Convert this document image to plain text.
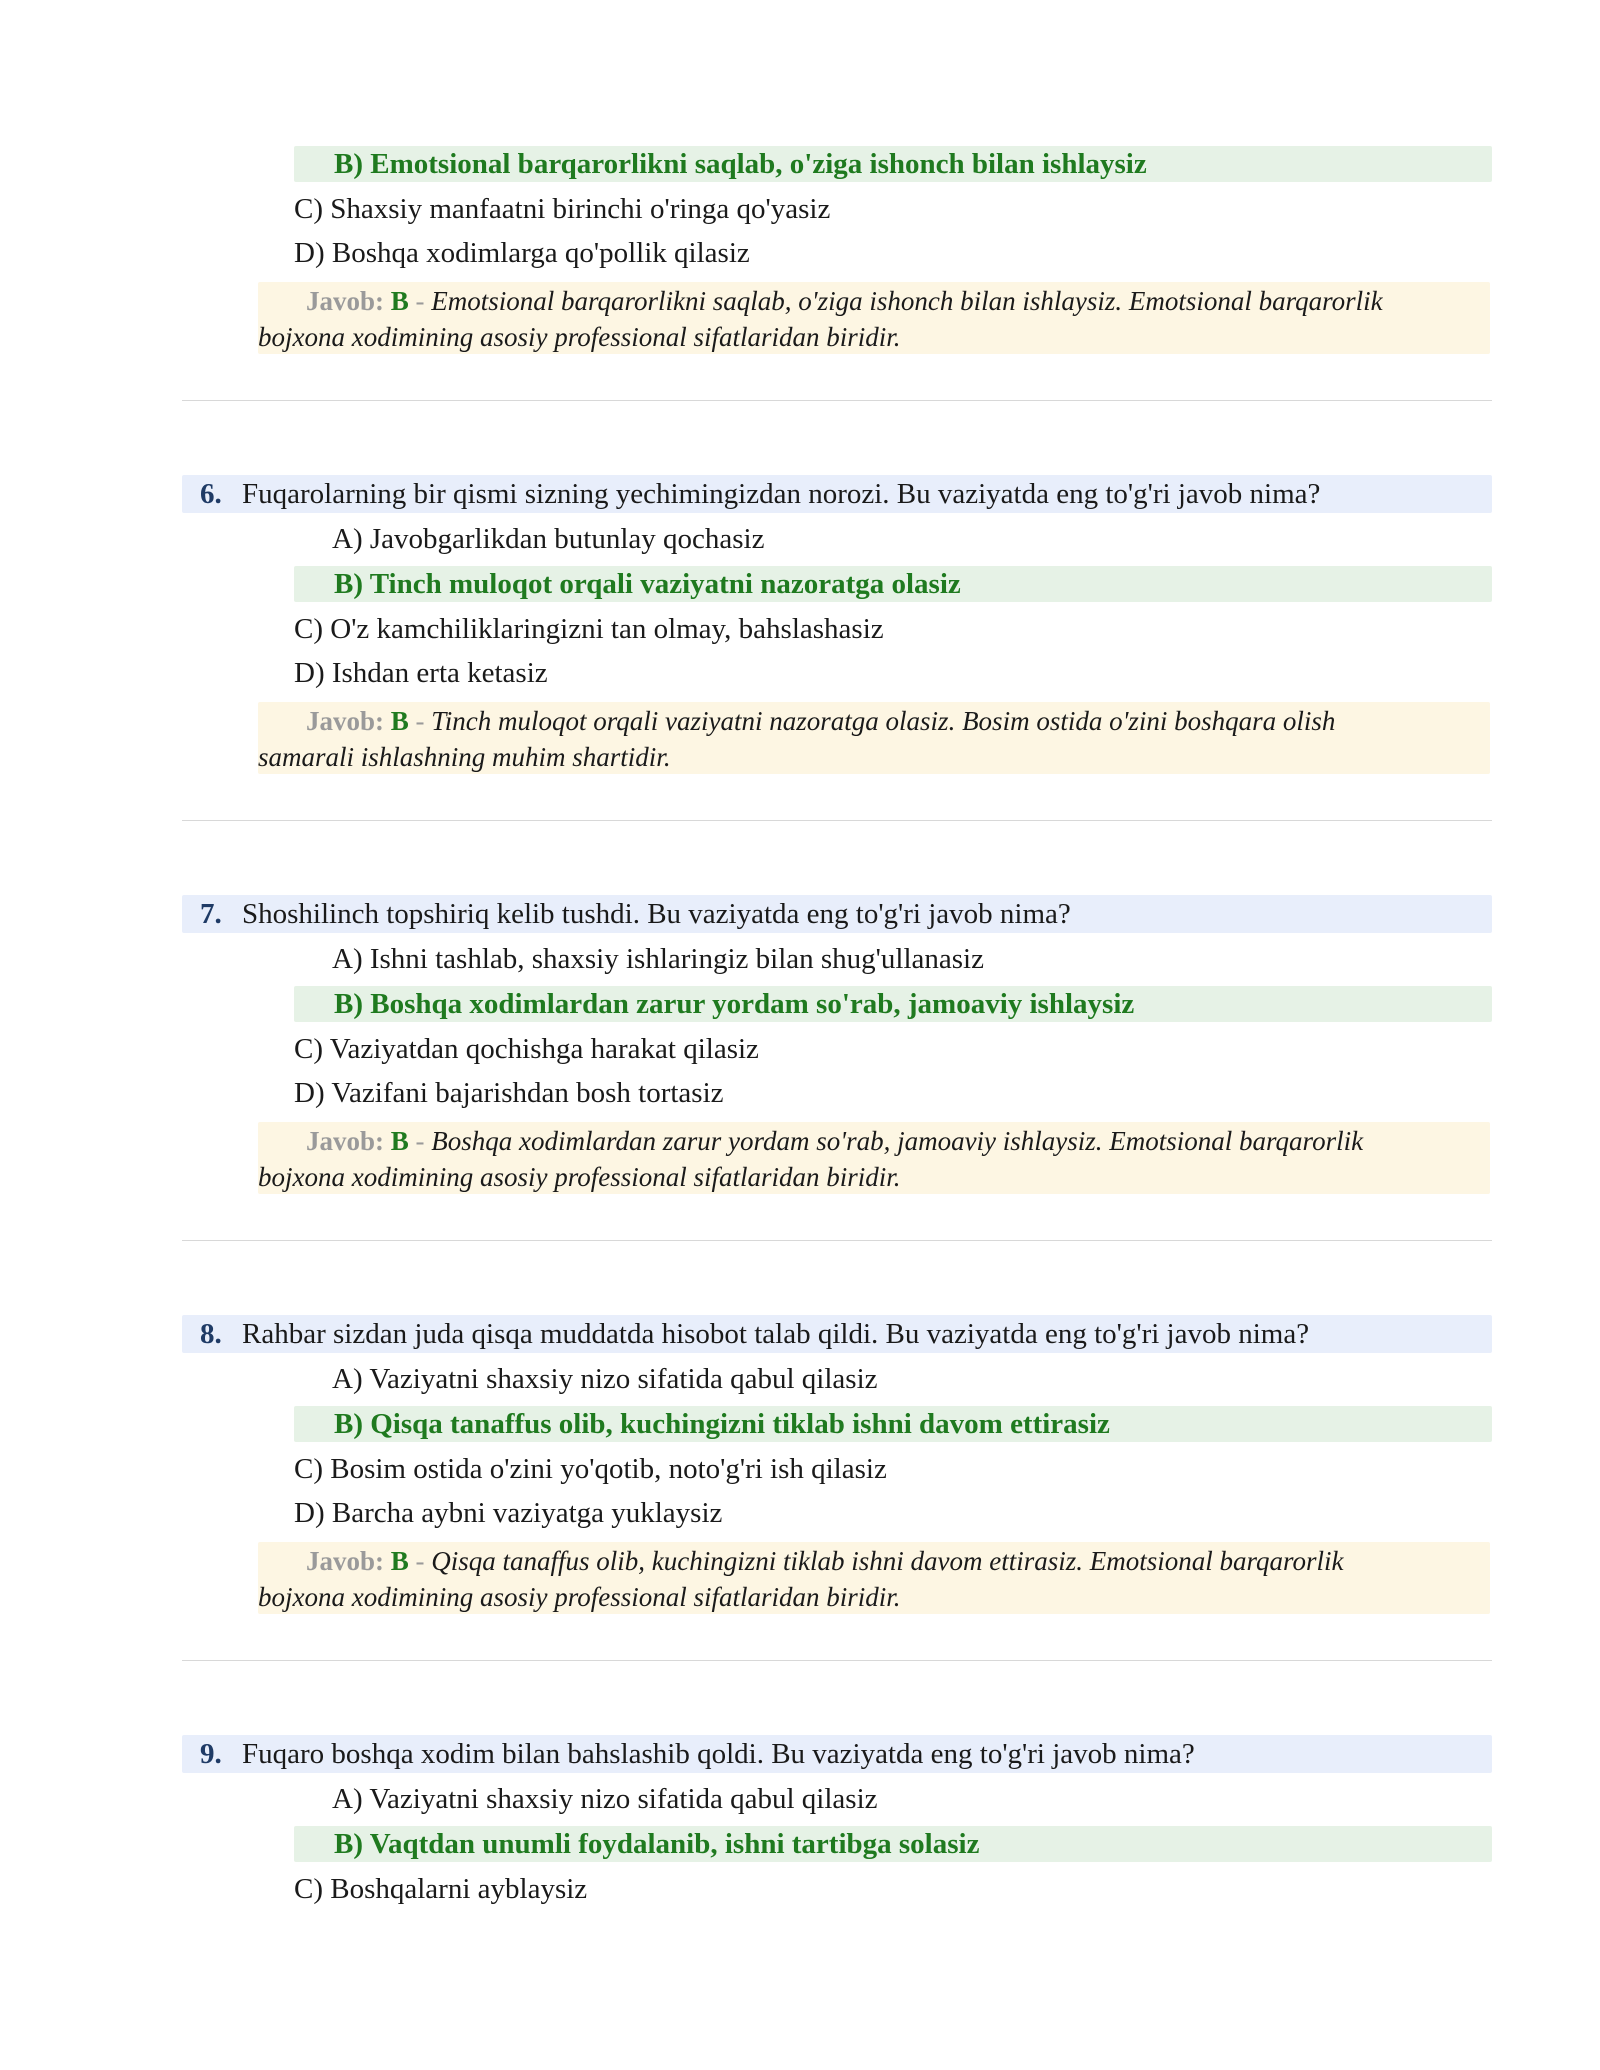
B) Emotsional barqarorlikni saqlab, o'ziga ishonch bilan ishlaysiz
C) Shaxsiy manfaatni birinchi o'ringa qo'yasiz
D) Boshqa xodimlarga qo'pollik qilasiz
Javob: B - Emotsional barqarorlikni saqlab, o'ziga ishonch bilan ishlaysiz. Emotsional barqarorlik
bojxona xodimining asosiy professional sifatlaridan biridir.
6. Fuqarolarning bir qismi sizning yechimingizdan norozi. Bu vaziyatda eng to'g'ri javob nima?
A) Javobgarlikdan butunlay qochasiz
B) Tinch muloqot orqali vaziyatni nazoratga olasiz
C) O'z kamchiliklaringizni tan olmay, bahslashasiz
D) Ishdan erta ketasiz
Javob: B - Tinch muloqot orqali vaziyatni nazoratga olasiz. Bosim ostida o'zini boshqara olish
samarali ishlashning muhim shartidir.
7. Shoshilinch topshiriq kelib tushdi. Bu vaziyatda eng to'g'ri javob nima?
A) Ishni tashlab, shaxsiy ishlaringiz bilan shug'ullanasiz
B) Boshqa xodimlardan zarur yordam so'rab, jamoaviy ishlaysiz
C) Vaziyatdan qochishga harakat qilasiz
D) Vazifani bajarishdan bosh tortasiz
Javob: B - Boshqa xodimlardan zarur yordam so'rab, jamoaviy ishlaysiz. Emotsional barqarorlik
bojxona xodimining asosiy professional sifatlaridan biridir.
8. Rahbar sizdan juda qisqa muddatda hisobot talab qildi. Bu vaziyatda eng to'g'ri javob nima?
A) Vaziyatni shaxsiy nizo sifatida qabul qilasiz
B) Qisqa tanaffus olib, kuchingizni tiklab ishni davom ettirasiz
C) Bosim ostida o'zini yo'qotib, noto'g'ri ish qilasiz
D) Barcha aybni vaziyatga yuklaysiz
Javob: B - Qisqa tanaffus olib, kuchingizni tiklab ishni davom ettirasiz. Emotsional barqarorlik
bojxona xodimining asosiy professional sifatlaridan biridir.
9. Fuqaro boshqa xodim bilan bahslashib qoldi. Bu vaziyatda eng to'g'ri javob nima?
A) Vaziyatni shaxsiy nizo sifatida qabul qilasiz
B) Vaqtdan unumli foydalanib, ishni tartibga solasiz
C) Boshqalarni ayblaysiz
